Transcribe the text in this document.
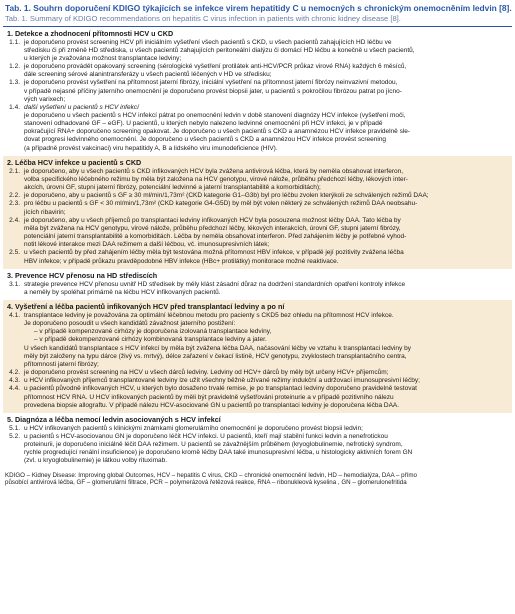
Tab. 1. Souhrn doporučení KDIGO týkajících se infekce virem hepatitidy C u nemocných s chronickým onemocněním ledvin [8].
Tab. 1. Summary of KDIGO recommendations on hepatitis C virus infection in patients with chronic kidney disease [8].
1. Detekce a zhodnocení přítomnosti HCV u CKD
1.1. je doporučeno provést screening HCV při iniciálním vyšetření všech pacientů s CKD, u všech pacientů zahajujících HD léčbu ve
středisku či při změně HD střediska, u všech pacientů zahajujících peritoneální dialýzu či domácí HD léčbu a konečně u všech pacientů,
u kterých je zvažována možnost transplantace ledviny;
1.2. je doporučeno provádět opakovaný screening (sérologické vyšetření protilátek anti-HCV/PCR průkaz virové RNA) každých 6 měsíců,
dále screening sérové alanintransferázy u všech pacientů léčených v HD ve středisku;
1.3. je doporučeno provést vyšetření na přítomnost jaterní fibrózy, iniciální vyšetření na přítomnost jaterní fibrózy neinvazivní metodou,
v případě nejasné příčiny jaterního onemocnění je doporučeno provést biopsii jater, u pacientů s pokročilou fibrózou patrat po jícno-
vých varixech;
1.4. další vyšetření u pacientů s HCV infekcí
je doporučeno u všech pacientů s HCV infekcí pátrat po onemocnění ledvin v době stanovení diagnózy HCV infekce (vyšetření moči,
stanovení odhadované GF – eGF). U pacientů, u kterých nebylo nalezeno ledvinné onemocnění při HCV infekci, je v případě
pokračující RNA+ doporučeno screening opakovat. Je doporučeno u všech pacientů s CKD a anamnézou HCV infekce pravidelně sle-
dovat progresi ledvinného onemocnění. Je doporučeno u všech pacientů s CKD a anamnézou HCV infekce provést screening
(a případně provést vakcinaci) viru hepatitidy A, B a lidského viru imunodeficience (HIV).
2. Léčba HCV infekce u pacientů s CKD
2.1. je doporučeno, aby u všech pacientů s CKD infikovaných HCV byla zvážena antivirová léčba, která by neměla obsahovat interferon,
volba specifického léčebného režimu by měla být založena na HCV genotypu, virové nálože, průběhu předchozí léčby, lékových inter-
akcích, úrovni GF, stupni jaterní fibrózy, potenciální ledvinné a jaterní transplantabilitě a komorbiditách);
2.2. je doporučeno, aby u pacientů s GF ≥ 30 ml/min/1,73m² (CKD kategorie G1–G3b) byl pro léčbu zvolen kterýkoli ze schválených režimů DAA;
2.3. pro léčbu u pacientů s GF < 30 ml/min/1,73m² (CKD kategorie G4-G5D) by měl být volen některý ze schválených režimů DAA neobsahu-
jících ribavirin;
2.4. je doporučeno, aby u všech příjemců po transplantaci ledviny infikovaných HCV byla posouzena možnost léčby DAA. Tato léčba by
měla být zvážena na HCV genotypu, virové nálože, průběhu předchozí léčby, lékových interakcích, úrovni GF, stupni jaterní fibrózy,
potenciální jaterní transplantabilitě a komorbiditách. Léčba by neměla obsahovat interferon. Před zahájením léčby je potřebné vyhod-
notit lékové interakce mezi DAA režimem a další léčbou, vč. imunosupresivních látek;
2.5. u všech pacientů by před zahájením léčby měla být testována možná přítomnost HBV infekce, v případě její pozitivity zvážena léčba
HBV infekce; v případě průkazu pravděpodobné HBV infekce (HBc+ protilátky) monitorace možné reaktivace.
3. Prevence HCV přenosu na HD střediscích
3.1. strategie prevence HCV přenosu uvnitř HD středisek by měly klást zásadní důraz na dodržení standardních opatření kontroly infekce
a neměly by spoléhat primárně na léčbu HCV infikovaných pacientů.
4. Vyšetření a léčba pacientů infikovaných HCV před transplantací ledviny a po ní
4.1. transplantace ledviny je považována za optimální léčebnou metodu pro pacienty s CKD5 bez ohledu na přítomnost HCV infekce.
Je doporučeno posoudit u všech kandidátů závažnost jaterního postižení:
– v případě kompenzované cirhózy je doporučena izolovaná transplantace ledviny,
– v případě dekompenzované cirhózy kombinovaná transplantace ledviny a jater.
U všech kandidátů transplantace s HCV infekcí by měla být zvážena léčba DAA, načasování léčby ve vztahu k transplantaci ledviny by
měly být založeny na typu dárce (živý vs. mrtvý), délce zařazení v čekací listině, HCV genotypu, zvyklostech transplantačního centra,
přítomnosti jaterní fibrózy;
4.2. je doporučeno provést screening na HCV u všech dárců ledviny. Ledviny od HCV+ dárců by měly být určeny HCV+ příjemcům;
4.3. u HCV infikovaných příjemců transplantované ledviny lze užít všechny běžně užívané režimy indukční a udržovací imunosupresivní léčby;
4.4. u pacientů původně infikovaných HCV, u kterých bylo dosaženo trvalé remise, je po transplantaci ledviny doporučeno pravidelně testovat
přítomnost HCV RNA. U HCV infikovaných pacientů by měli být pravidelně vyšetřováni proteinurie a v případě pozitivního nálezu
provedena biopsie allograftu. V případě nálezu HCV-asociované GN u pacientů po transplantaci ledviny je doporučena léčba DAA.
5. Diagnóza a léčba nemocí ledvin asociovaných s HCV infekcí
5.1. u HCV infikovaných pacientů s klinickými známkami glomerulárního onemocnění je doporučeno provést biopsii ledvin;
5.2. u pacientů s HCV-asociovanou GN je doporučeno léčit HCV infekci. U pacientů, kteří mají stabilní funkci ledvin a nenefrotickou
proteinurii, je doporučeno iniciálně léčit DAA režimem. U pacientů se závažnějším průběhem (kryoglobulinemie, nefrotický syndrom,
rychle progredující renální insuficience) je doporučeno kromě léčby DAA také imunosupresivní léčba, u histologicky aktivních forem GN
(zvl. u kryoglobulinemie) je látkou volby rituximab.
KDIGO – Kidney Disease: Improving global Outcomes, HCV – hepatitis C virus, CKD – chronické onemocnění ledvin, HD – hemodialýza, DAA – přímo
působící antivirová léčba, GF – glomerulární filtrace, PCR – polymerázová řetězová reakce, RNA – ribonukleová kyselina , GN – glomerulonefritida
